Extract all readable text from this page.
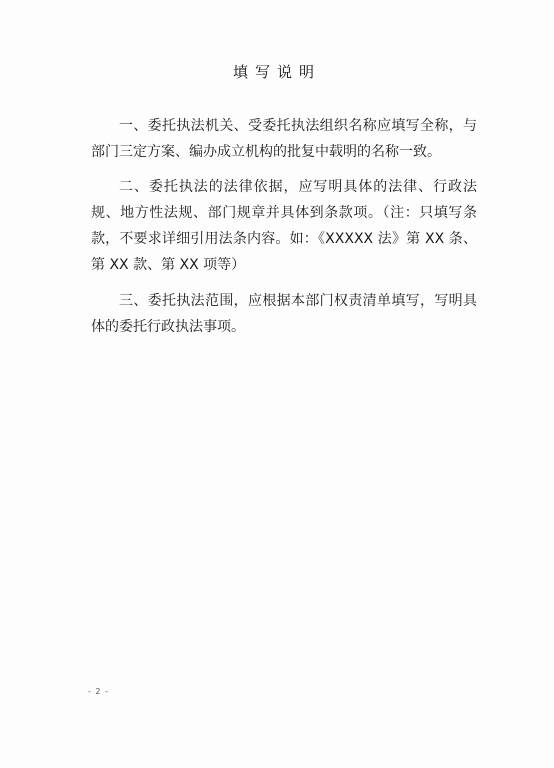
填写说明

一、委托执法机关、受委托执法组织名称应填写全称，与部门三定方案、编办成立机构的批复中载明的名称一致。

二、委托执法的法律依据，应写明具体的法律、行政法规、地方性法规、部门规章并具体到条款项。（注：只填写条款，不要求详细引用法条内容。如：《XXXXX 法》第 XX 条、第 XX 款、第 XX 项等）

三、委托执法范围，应根据本部门权责清单填写，写明具体的委托行政执法事项。

- 2 -
